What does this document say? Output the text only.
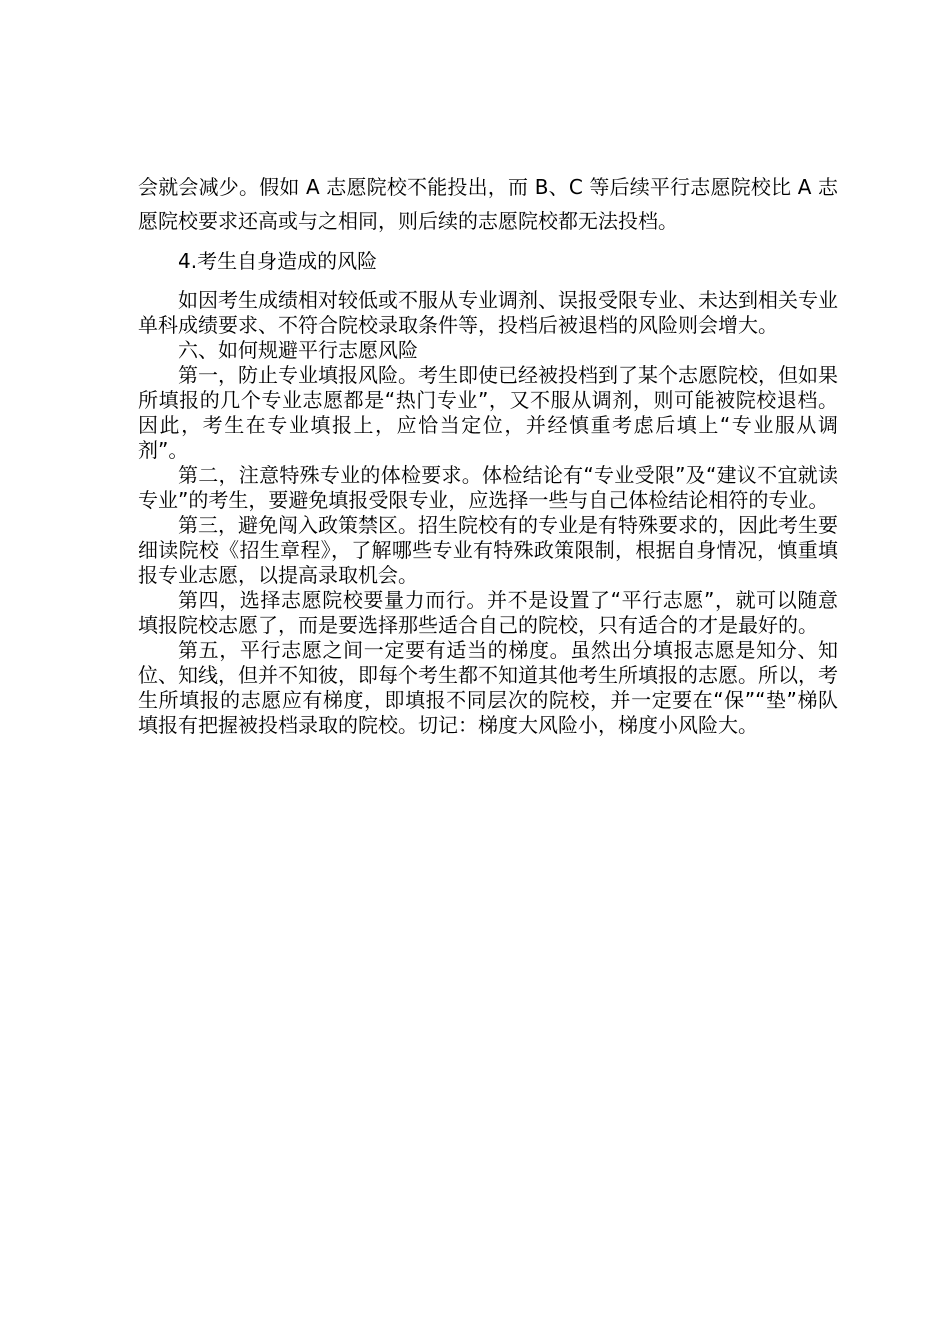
会就会减少。假如 A 志愿院校不能投出，而 B、C 等后续平行志愿院校比 A 志愿院校要求还高或与之相同，则后续的志愿院校都无法投档。

4.考生自身造成的风险

如因考生成绩相对较低或不服从专业调剂、误报受限专业、未达到相关专业单科成绩要求、不符合院校录取条件等，投档后被退档的风险则会增大。

六、如何规避平行志愿风险

第一，防止专业填报风险。考生即使已经被投档到了某个志愿院校，但如果所填报的几个专业志愿都是“热门专业”，又不服从调剂，则可能被院校退档。因此，考生在专业填报上，应恰当定位，并经慎重考虑后填上“专业服从调剂”。

第二，注意特殊专业的体检要求。体检结论有“专业受限”及“建议不宜就读专业”的考生，要避免填报受限专业，应选择一些与自己体检结论相符的专业。

第三，避免闯入政策禁区。招生院校有的专业是有特殊要求的，因此考生要细读院校《招生章程》，了解哪些专业有特殊政策限制，根据自身情况，慎重填报专业志愿，以提高录取机会。

第四，选择志愿院校要量力而行。并不是设置了“平行志愿”，就可以随意填报院校志愿了，而是要选择那些适合自己的院校，只有适合的才是最好的。

第五，平行志愿之间一定要有适当的梯度。虽然出分填报志愿是知分、知位、知线，但并不知彼，即每个考生都不知道其他考生所填报的志愿。所以，考生所填报的志愿应有梯度，即填报不同层次的院校，并一定要在“保”“垫”梯队填报有把握被投档录取的院校。切记：梯度大风险小，梯度小风险大。
